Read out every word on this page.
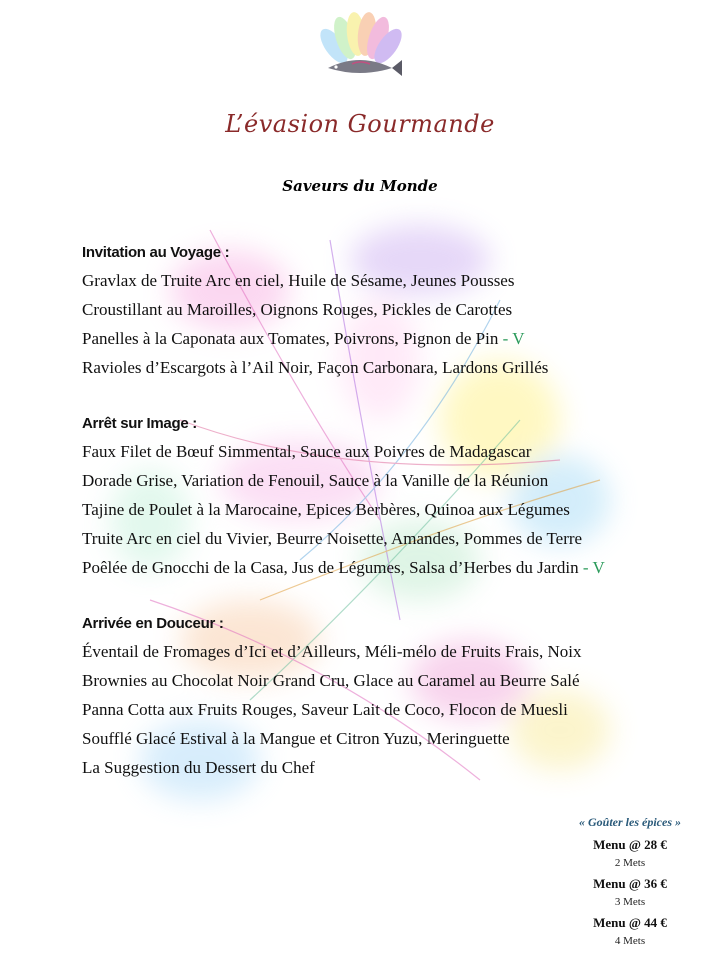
L’évasion Gourmande
Saveurs du Monde
Invitation au Voyage :
Gravlax de Truite Arc en ciel, Huile de Sésame, Jeunes Pousses
Croustillant au Maroilles, Oignons Rouges, Pickles de Carottes
Panelles à la Caponata aux Tomates, Poivrons, Pignon de Pin - V
Ravioles d’Escargots à l’Ail Noir, Façon Carbonara, Lardons Grillés
Arrêt sur Image :
Faux Filet de Bœuf Simmental, Sauce aux Poivres de Madagascar
Dorade Grise, Variation de Fenouil, Sauce à la Vanille de la Réunion
Tajine de Poulet à la Marocaine, Epices Berbères, Quinoa aux Légumes
Truite Arc en ciel du Vivier, Beurre Noisette, Amandes, Pommes de Terre
Poêlée de Gnocchi de la Casa, Jus de Légumes, Salsa d’Herbes du Jardin - V
Arrivée en Douceur :
Éventail de Fromages d’Ici et d’Ailleurs, Méli-mélo de Fruits Frais, Noix
Brownies au Chocolat Noir Grand Cru, Glace au Caramel au Beurre Salé
Panna Cotta aux Fruits Rouges, Saveur Lait de Coco, Flocon de Muesli
Soufflé Glacé Estival à la Mangue et Citron Yuzu, Meringuette
La Suggestion du Dessert du Chef
« Goûter les épices »
Menu @ 28 €
2 Mets
Menu @ 36 €
3 Mets
Menu @ 44 €
4 Mets
